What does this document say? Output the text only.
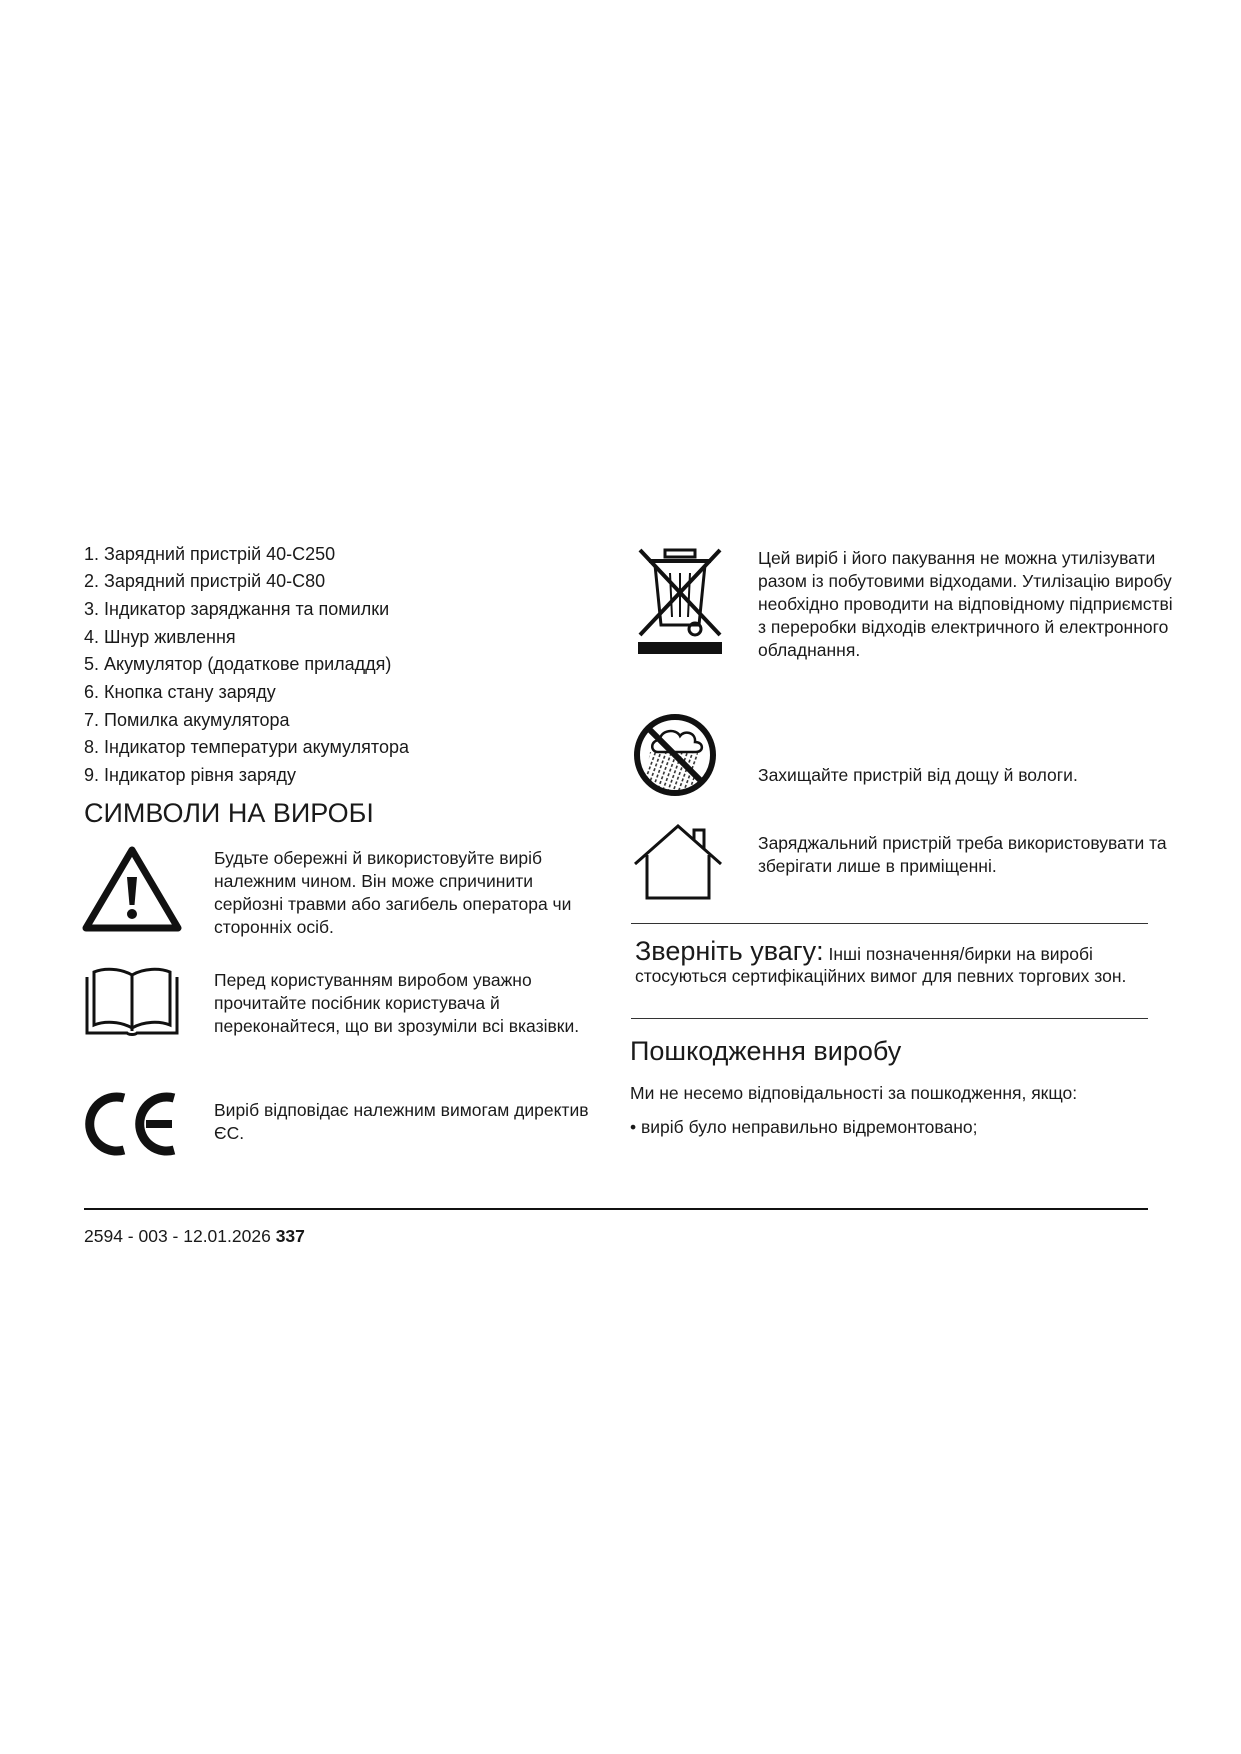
1. Зарядний пристрій 40-C250
2. Зарядний пристрій 40-C80
3. Індикатор заряджання та помилки
4. Шнур живлення
5. Акумулятор (додаткове приладдя)
6. Кнопка стану заряду
7. Помилка акумулятора
8. Індикатор температури акумулятора
9. Індикатор рівня заряду
СИМВОЛИ НА ВИРОБІ
Будьте обережні й використовуйте виріб належним чином. Він може спричинити серйозні травми або загибель оператора чи сторонніх осіб.
Перед користуванням виробом уважно прочитайте посібник користувача й переконайтеся, що ви зрозуміли всі вказівки.
Виріб відповідає належним вимогам директив ЄС.
Цей виріб і його пакування не можна утилізувати разом із побутовими відходами. Утилізацію виробу необхідно проводити на відповідному підприємстві з переробки відходів електричного й електронного обладнання.
Захищайте пристрій від дощу й вологи.
Заряджальний пристрій треба використовувати та зберігати лише в приміщенні.
Зверніть увагу: Інші позначення/бирки на виробі стосуються сертифікаційних вимог для певних торгових зон.
Пошкодження виробу
Ми не несемо відповідальності за пошкодження, якщо:
• виріб було неправильно відремонтовано;
2594 - 003 - 12.01.2026 337
